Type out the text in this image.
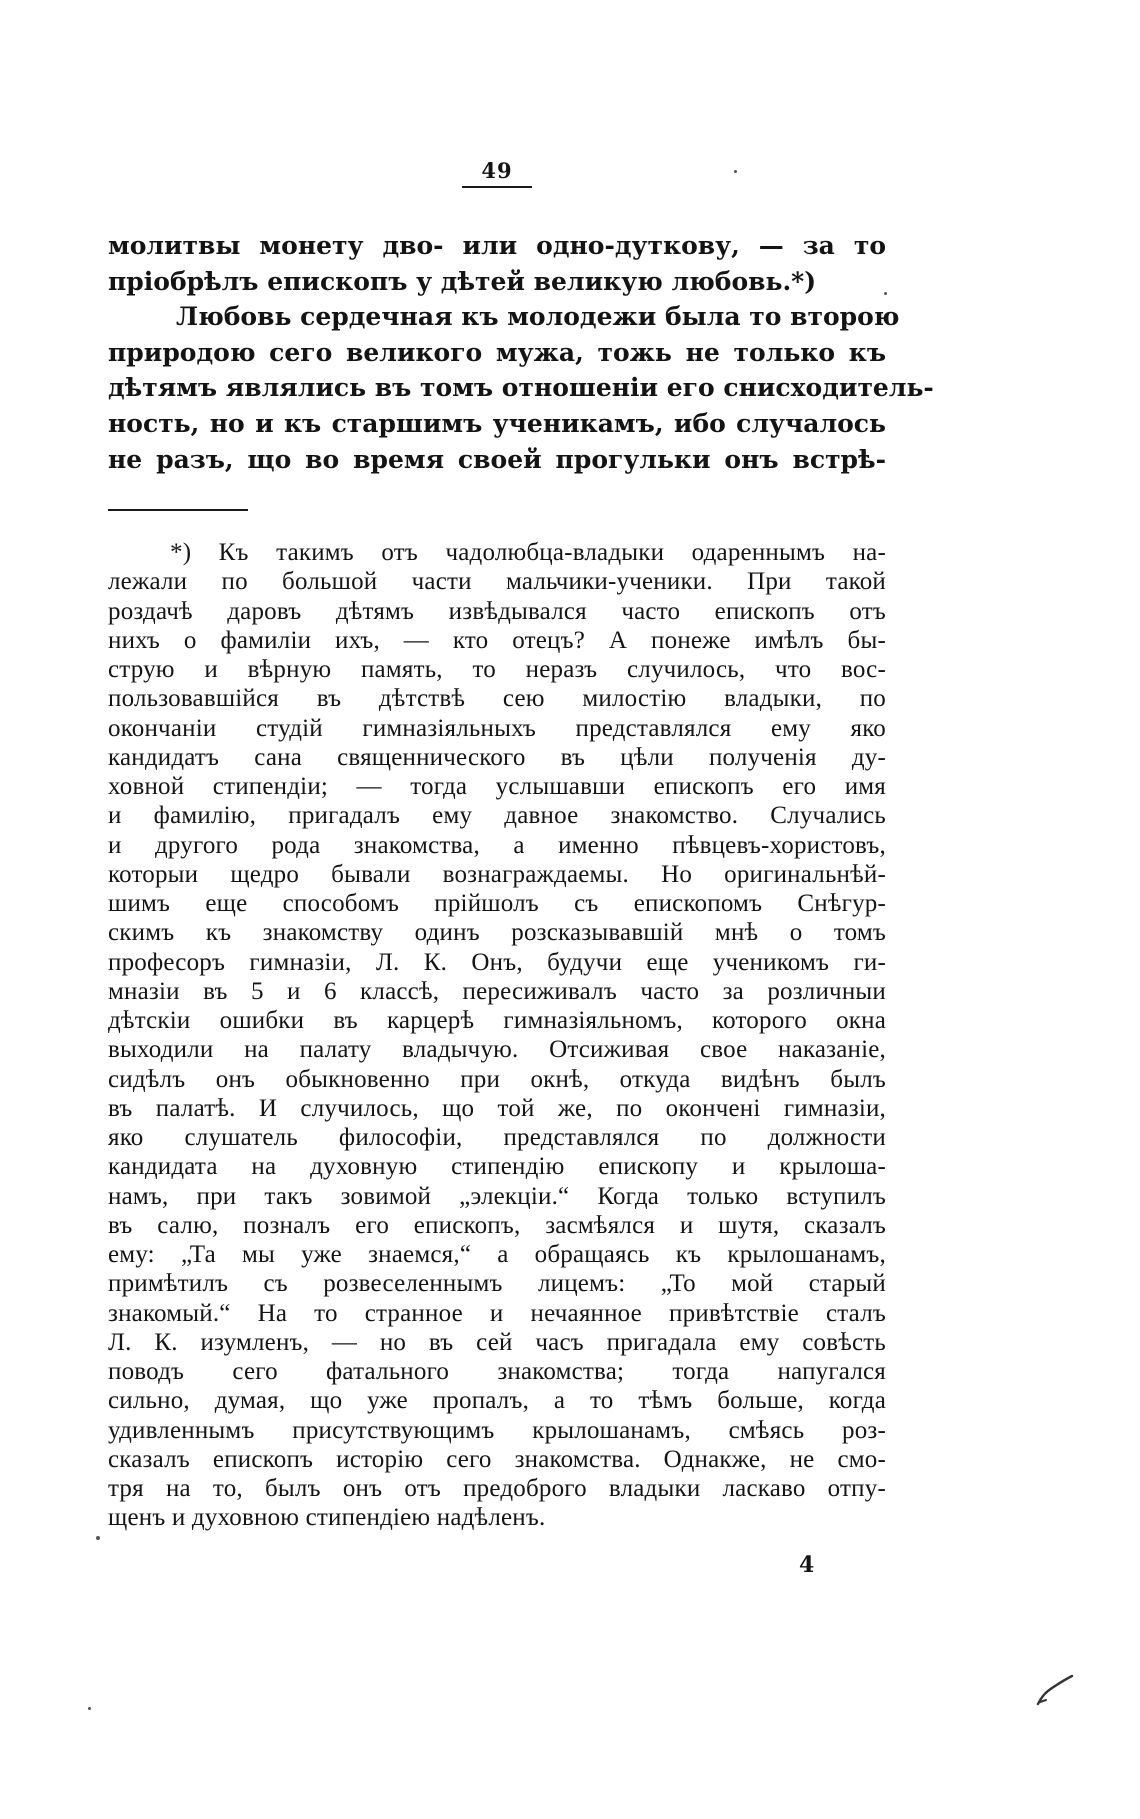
49
молитвы монету дво- или одно-дуткову, — за то
пріобрѣлъ епископъ у дѣтей великую любовь.*)
Любовь сердечная къ молодежи была то второю
природою сего великого мужа, тожь не только къ
дѣтямъ являлись въ томъ отношеніи его снисходитель-
ность, но и къ старшимъ ученикамъ, ибо случалось
не разъ, що во время своей прогульки онъ встрѣ-
*) Къ такимъ отъ чадолюбца-владыки одареннымъ на-
лежали по большой части мальчики-ученики. При такой
роздачѣ даровъ дѣтямъ извѣдывался часто епископъ отъ
нихъ о фамиліи ихъ, — кто отецъ? А понеже имѣлъ бы-
струю и вѣрную память, то неразъ случилось, что вос-
пользовавшійся въ дѣтствѣ сею милостію владыки, по
окончаніи студій гимназіяльныхъ представлялся ему яко
кандидатъ сана священнического въ цѣли полученія ду-
ховной стипендіи; — тогда услышавши епископъ его имя
и фамилію, пригадалъ ему давное знакомство. Случались
и другого рода знакомства, а именно пѣвцевъ-хористовъ,
которыи щедро бывали вознаграждаемы. Но оригинальнѣй-
шимъ еще способомъ прійшолъ съ епископомъ Снѣгур-
скимъ къ знакомству одинъ розсказывавшій мнѣ о томъ
професоръ гимназіи, Л. К. Онъ, будучи еще ученикомъ ги-
мназіи въ 5 и 6 классѣ, пересиживалъ часто за розличныи
дѣтскіи ошибки въ карцерѣ гимназіяльномъ, которого окна
выходили на палату владычую. Отсиживая свое наказаніе,
сидѣлъ онъ обыкновенно при окнѣ, откуда видѣнъ былъ
въ палатѣ. И случилось, що той же, по окончені гимназіи,
яко слушатель философіи, представлялся по должности
кандидата на духовную стипендію епископу и крылоша-
намъ, при такъ зовимой „элекціи.“ Когда только вступилъ
въ салю, позналъ его епископъ, засмѣялся и шутя, сказалъ
ему: „Та мы уже знаемся,“ а обращаясь къ крылошанамъ,
примѣтилъ съ розвеселеннымъ лицемъ: „То мой старый
знакомый.“ На то странное и нечаянное привѣтствіе сталъ
Л. К. изумленъ, — но въ сей часъ пригадала ему совѣсть
поводъ сего фатального знакомства; тогда напугался
сильно, думая, що уже пропалъ, а то тѣмъ больше, когда
удивленнымъ присутствующимъ крылошанамъ, смѣясь роз-
сказалъ епископъ исторію сего знакомства. Однакже, не смо-
тря на то, былъ онъ отъ предоброго владыки ласкаво отпу-
щенъ и духовною стипендіею надѣленъ.
4
